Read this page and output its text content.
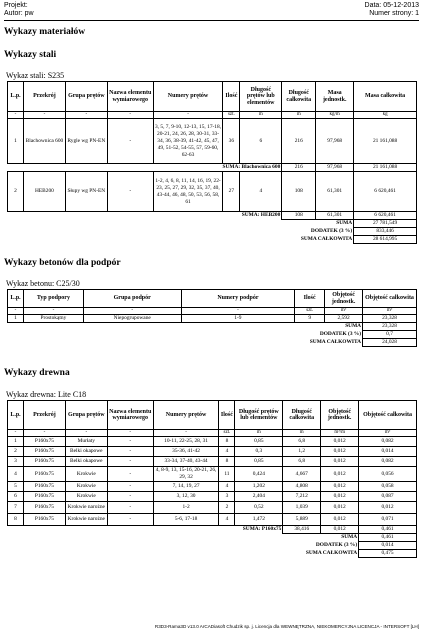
Projekt:
Autor: pw
Data: 05-12-2013
Numer strony: 1
Wykazy materiałów
Wykazy stali
Wykaz stali: S235
L.p.	Przekrój	Grupa prętów	Nazwa elementu wymiarowego	Numery prętów	Ilość	Długość prętów lub elementów	Długość całkowita	Masa jednostk.	Masa całkowita
-	-	-	-	-	szt.	m	m	kg/m	kg
1	Blachownica 600	Rygle wg PN-EN	-	3, 5, 7, 9-10, 12-13, 15, 17-18, 20-21, 24, 26, 28, 30-31, 33-34, 36, 38-39, 41-42, 45, 47, 49, 51-52, 54-55, 57, 59-60, 62-63	36	6	216	97,968	21 161,088
SUMA: Blachownica 600							216	97,968	21 161,088
2	HEB200	Słupy wg PN-EN	-	1-2, 4, 6, 8, 11, 14, 16, 19, 22-23, 25, 27, 29, 32, 35, 37, 40, 43-44, 46, 48, 50, 53, 56, 58, 61	27	4	108	61,301	6 620,461
SUMA: HEB200							108	61,301	6 620,461
SUMA									27 781,549
DODATEK (3 %)									833,446
SUMA CAŁKOWITA									28 614,995
Wykazy betonów dla podpór
Wykaz betonu: C25/30
L.p.	Typ podpory	Grupa podpór	Numery podpór	Ilość	Objętość jednostk.	Objętość całkowita
-	-	-	-	szt.	m³	m³
1	Prostokątny	Niepogrupowane	1-9	9	2,592	23,328
SUMA						23,328
DODATEK (3 %)						0,7
SUMA CAŁKOWITA						24,028
Wykazy drewna
Wykaz drewna: Lite C18
L.p.	Przekrój	Grupa prętów	Nazwa elementu wymiarowego	Numery prętów	Ilość	Długość prętów lub elementów	Długość całkowita	Objętość jednostk.	Objętość całkowita
-	-	-	-	-	szt.	m	m	m³/m	m³
1	P160x75	Murłaty	-	10-11, 22-25, 28, 31	8	0,85	6,8	0,012	0,082
2	P160x75	Belki okapowe	-	35-36, 41-42	4	0,3	1,2	0,012	0,014
3	P160x75	Belki okapowe	-	33-34, 37-40, 43-44	8	0,85	6,8	0,012	0,082
4	P160x75	Krokwie	-	4, 8-9, 13, 15-16, 20-21, 26, 29, 32	11	0,424	4,667	0,012	0,056
5	P160x75	Krokwie	-	7, 14, 19, 27	4	1,202	4,808	0,012	0,058
6	P160x75	Krokwie	-	3, 12, 30	3	2,404	7,212	0,012	0,087
7	P160x75	Krokwie narożne	-	1-2	2	0,52	1,039	0,012	0,012
8	P160x75	Krokwie narożne	-	5-6, 17-18	4	1,472	5,889	0,012	0,071
SUMA: P160x75							38,416	0,012	0,461
SUMA									0,461
DODATEK (3 %)									0,014
SUMA CAŁKOWITA									0,475
R3D3-Rama3D v13.0 ArCADiasoft Chudzik sp. j. Licencja dla WEWNĘTRZNA, NIEKOMERCYJNA LICENCJA - INTERSOFT [LH]
